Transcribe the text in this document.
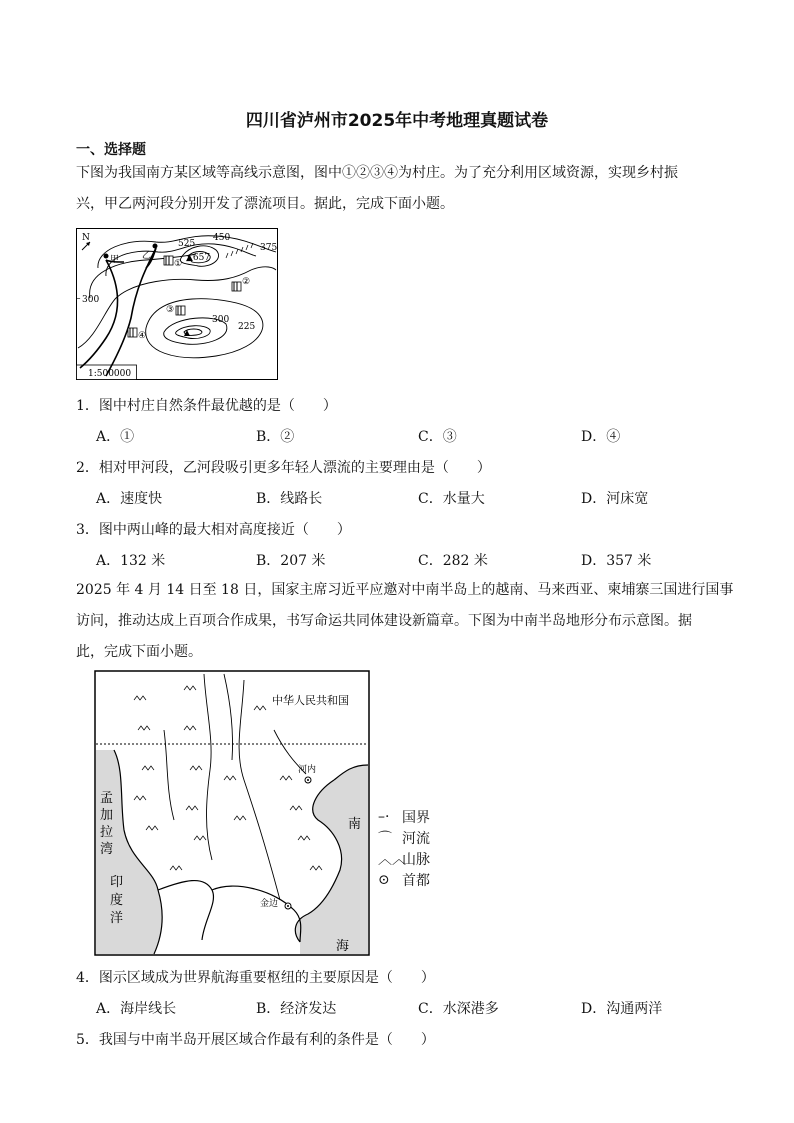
四川省泸州市2025年中考地理真题试卷
一、选择题
下图为我国南方某区域等高线示意图，图中①②③④为村庄。为了充分利用区域资源，实现乡村振
兴，甲乙两河段分别开发了漂流项目。据此，完成下面小题。
1:500000
N
甲	乙
525
450
375
– 300
300
225
▲657
①
②
③
④
1．图中村庄自然条件最优越的是（　　）
A．①	B．②	C．③	D．④
2．相对甲河段，乙河段吸引更多年轻人漂流的主要理由是（　　）
A．速度快	B．线路长	C．水量大	D．河床宽
3．图中两山峰的最大相对高度接近（　　）
A．132 米	B．207 米	C．282 米	D．357 米
2025 年 4 月 14 日至 18 日，国家主席习近平应邀对中南半岛上的越南、马来西亚、柬埔寨三国进行国事
访问，推动达成上百项合作成果，书写命运共同体建设新篇章。下图为中南半岛地形分布示意图。据
此，完成下面小题。
中华人民共和国
河内
金边
孟
加
拉
湾
印
度
洋
南
海
–· 国界
⌒ 河流
︿︿
山脉
⊙ 首都
4．图示区域成为世界航海重要枢纽的主要原因是（　　）
A．海岸线长	B．经济发达	C．水深港多	D．沟通两洋
5．我国与中南半岛开展区域合作最有利的条件是（　　）
